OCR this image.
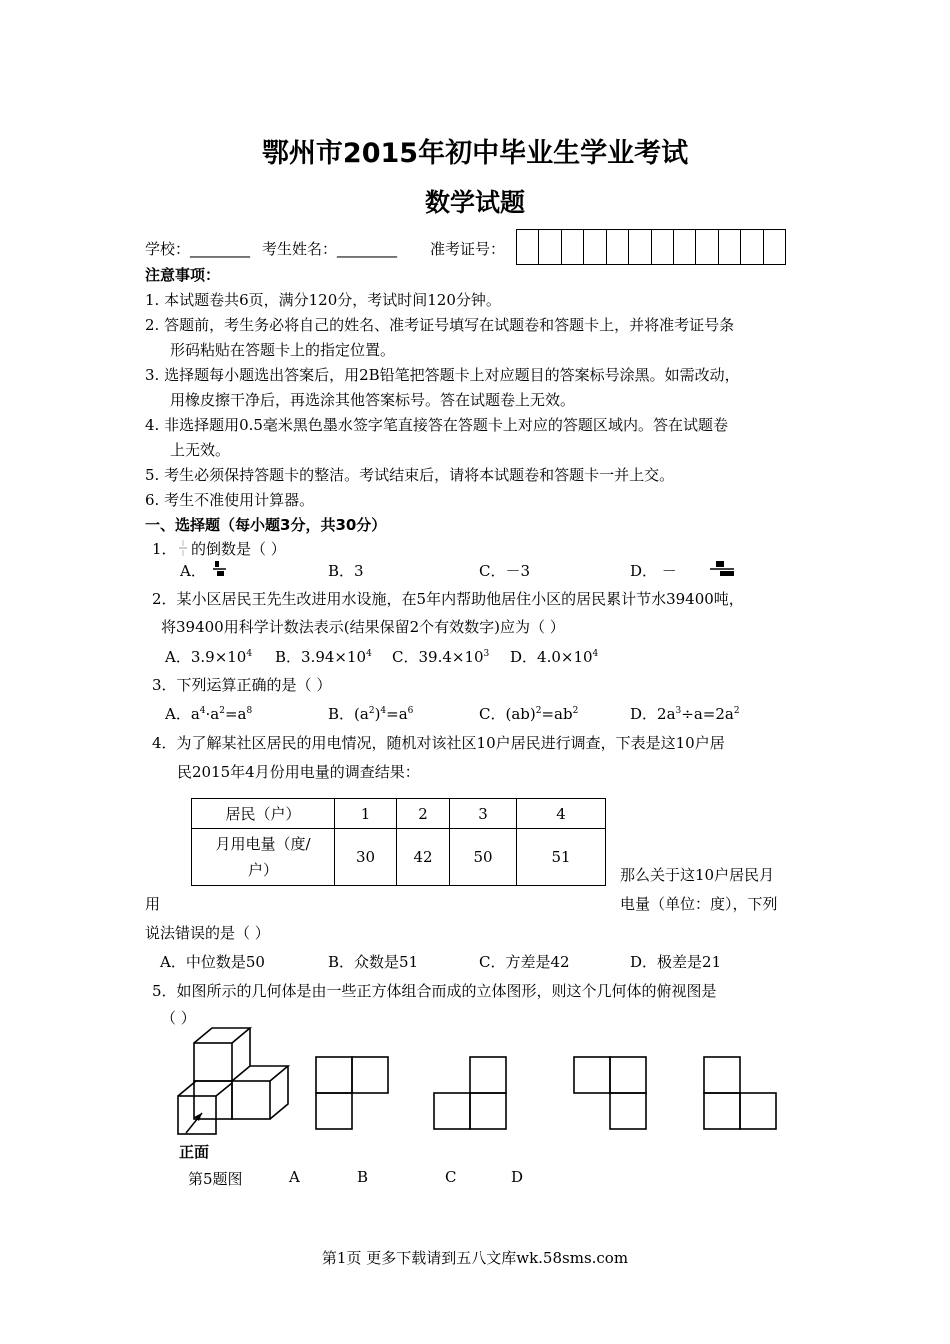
鄂州市2015年初中毕业生学业考试
数学试题
学校：________ 考生姓名：________ 准考证号：
注意事项：
1. 本试题卷共6页，满分120分，考试时间120分钟。
2. 答题前，考生务必将自己的姓名、准考证号填写在试题卷和答题卡上，并将准考证号条
形码粘贴在答题卡上的指定位置。
3. 选择题每小题选出答案后，用2B铅笔把答题卡上对应题目的答案标号涂黑。如需改动，
用橡皮擦干净后，再选涂其他答案标号。答在试题卷上无效。
4. 非选择题用0.5毫米黑色墨水签字笔直接答在答题卡上对应的答题区域内。答在试题卷
上无效。
5. 考生必须保持答题卡的整洁。考试结束后，请将本试题卷和答题卡一并上交。
6. 考生不准使用计算器。
一、选择题（每小题3分，共30分）
1． 的倒数是（ ）
A．	B．3	C．－3	D． －
2．某小区居民王先生改进用水设施，在5年内帮助他居住小区的居民累计节水39400吨，
将39400用科学计数法表示(结果保留2个有效数字)应为（ ）
A．$3.9\times 10^4$ B．$3.94\times 10^4$ C．$39.4\times 10^3$ D．$4.0\times 10^4$
3．下列运算正确的是（ ）
A．$a^4\cdot a^2=a^8$	B．$(a^2)^4=a^6$	C．$(ab)^2=ab^2$	D．$2a^3\div a=2a^2$
4．为了解某社区居民的用电情况，随机对该社区10户居民进行调查，下表是这10户居
民2015年4月份用电量的调查结果：
居民（户）	1	2	3	4
月用电量（度/
户）	30	42	50	51
那么关于这10户居民月
用	电量（单位：度），下列
说法错误的是（ ）
A．中位数是50	B．众数是51	C．方差是42	D．极差是21
5．如图所示的几何体是由一些正方体组合而成的立体图形，则这个几何体的俯视图是
（ ）
正面
第5题图	A	B	C	D
第1页 更多下载请到五八文库wk.58sms.com
